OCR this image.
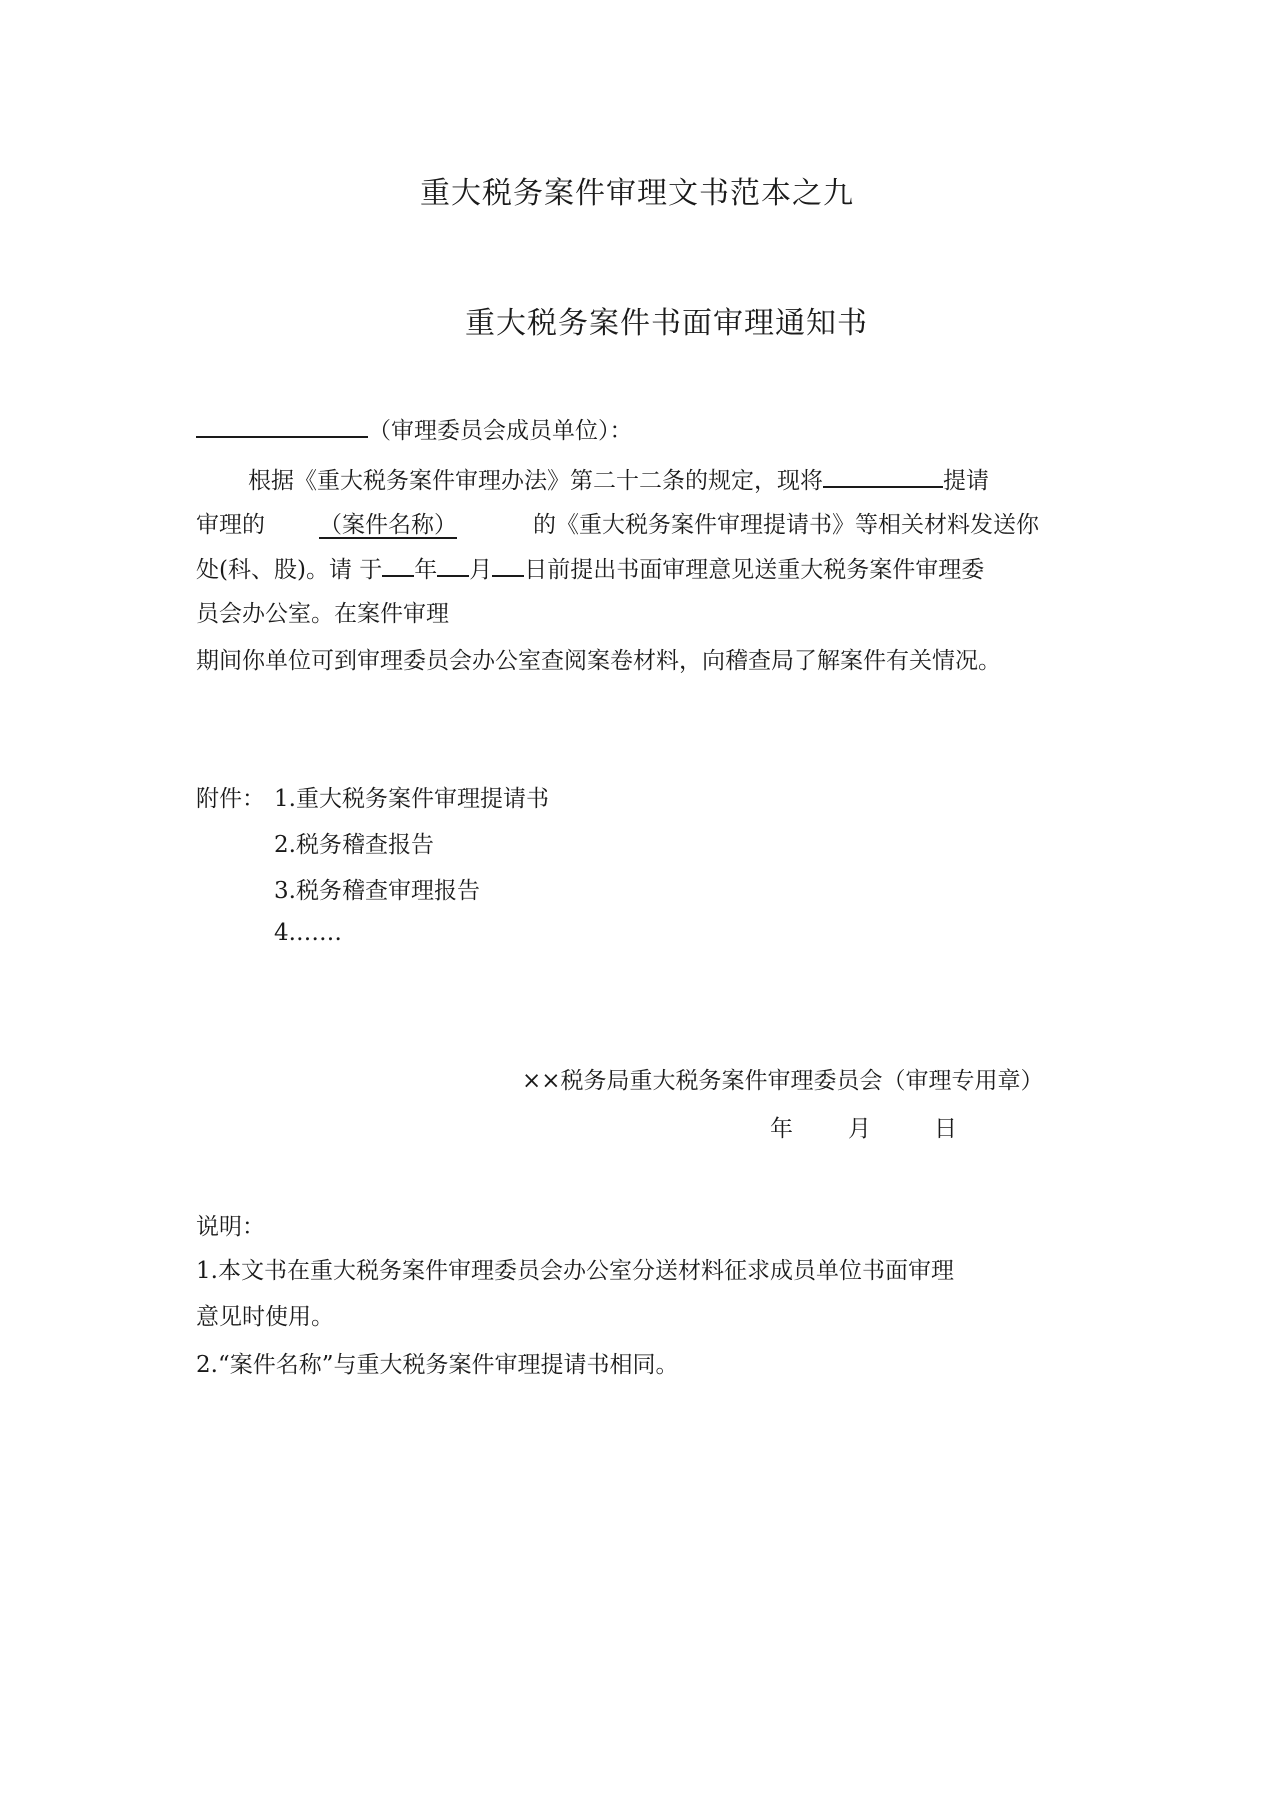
重大税务案件审理文书范本之九
重大税务案件书面审理通知书
（审理委员会成员单位）：
根据《重大税务案件审理办法》第二十二条的规定，现将	提请
审理的 （案件名称）	的《重大税务案件审理提请书》等相关材料发送你
处(科、股)。请 于 年 月 日前提出书面审理意见送重大税务案件审理委
员会办公室。在案件审理
期间你单位可到审理委员会办公室查阅案卷材料，向稽查局了解案件有关情况。
附件： 1.重大税务案件审理提请书
2.税务稽查报告
3.税务稽查审理报告
4.……
××税务局重大税务案件审理委员会（审理专用章）
年 月	日
说明：
1.本文书在重大税务案件审理委员会办公室分送材料征求成员单位书面审理
意见时使用。
2.“案件名称”与重大税务案件审理提请书相同。
